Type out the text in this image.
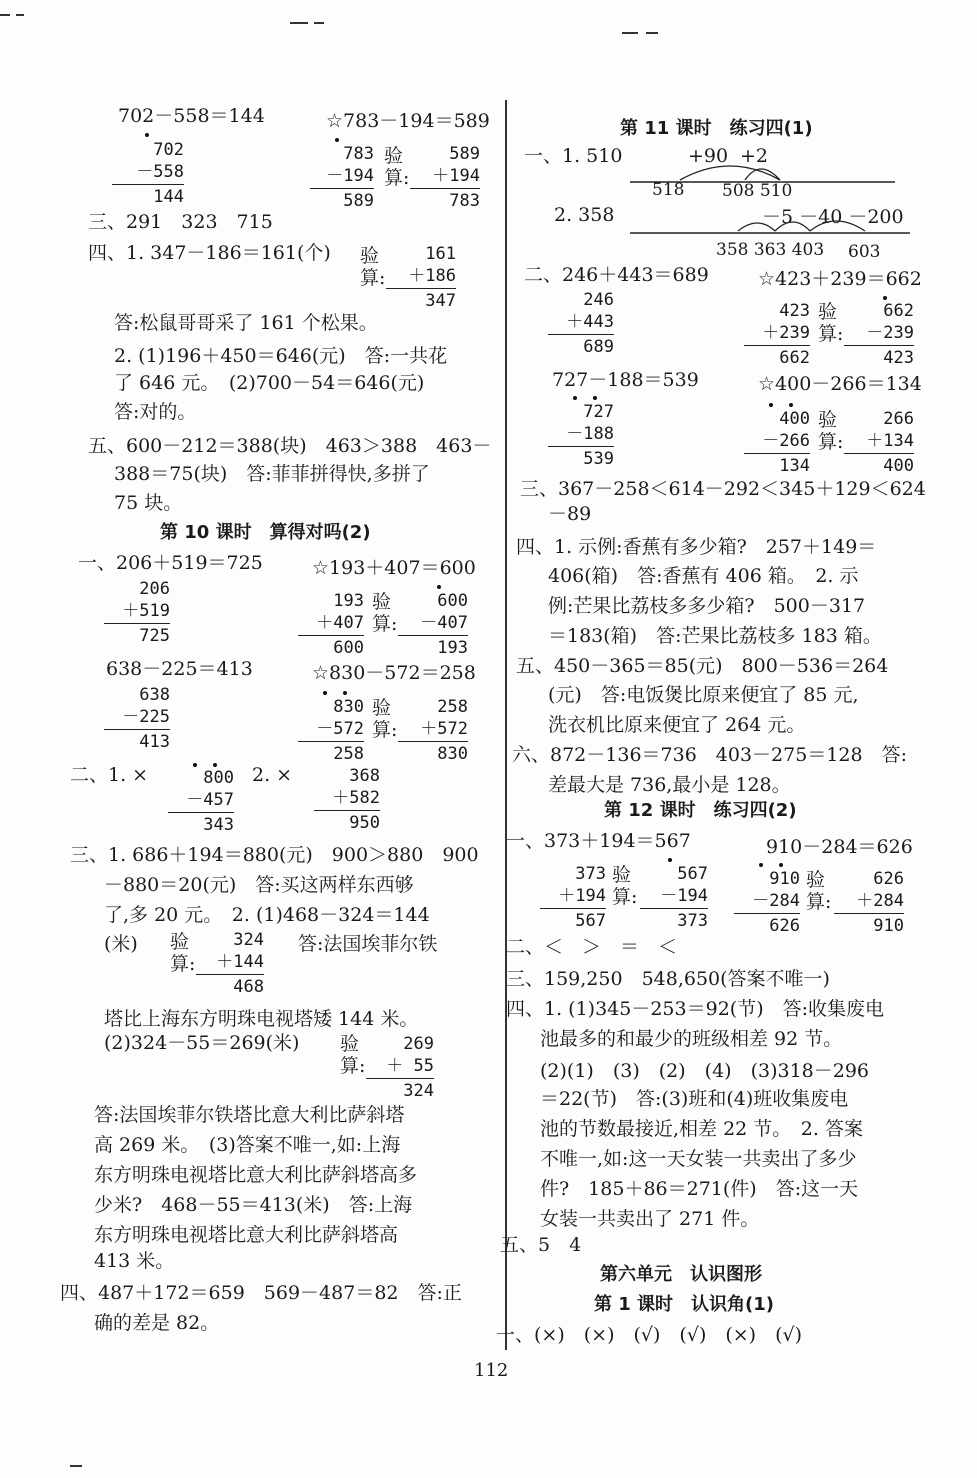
702－558＝144
702
－558
144
☆783－194＝589
783
－194
589
验
算:
589
＋194
783
三、291　323　715
四、1. 347－186＝161(个) 验
算:
161
＋186
347
答:松鼠哥哥采了 161 个松果。
2. (1)196＋450＝646(元)　答:一共花
了 646 元。　(2)700－54＝646(元)
答:对的。
五、600－212＝388(块)　463＞388　463－
388＝75(块)　答:菲菲拼得快,多拼了
75 块。
第 10 课时　算得对吗(2)
一、206＋519＝725
206
＋519
725
☆193＋407＝600
193
＋407
600
验
算:
600
－407
193
638－225＝413
638
－225
413
☆830－572＝258
830
－572
258
验
算:
258
＋572
830
二、1. ×	800
－457
343
2. ×	368
＋582
950
三、1. 686＋194＝880(元)　900＞880　900
－880＝20(元)　答:买这两样东西够
了,多 20 元。　2. (1)468－324＝144
(米) 验
算:
324
＋144
468
答:法国埃菲尔铁
塔比上海东方明珠电视塔矮 144 米。
(2)324－55＝269(米) 验
算:
269
＋ 55
324
答:法国埃菲尔铁塔比意大利比萨斜塔
高 269 米。　(3)答案不唯一,如:上海
东方明珠电视塔比意大利比萨斜塔高多
少米?　468－55＝413(米)　答:上海
东方明珠电视塔比意大利比萨斜塔高
413 米。
四、487＋172＝659　569－487＝82　答:正
确的差是 82。
第 11 课时　练习四(1)
一、1. 510	+90 +2
518 508 510
2. 358	－5 －40 －200
358 363 403 603
二、246＋443＝689
246
＋443
689
☆423＋239＝662
423
＋239
662
验
算:
662
－239
423
727－188＝539
727
－188
539
☆400－266＝134
400
－266
134
验
算:
266
＋134
400
三、367－258＜614－292＜345＋129＜624
－89
四、1. 示例:香蕉有多少箱?　257＋149＝
406(箱)　答:香蕉有 406 箱。　2. 示
例:芒果比荔枝多多少箱?　500－317
＝183(箱)　答:芒果比荔枝多 183 箱。
五、450－365＝85(元)　800－536＝264
(元)　答:电饭煲比原来便宜了 85 元,
洗衣机比原来便宜了 264 元。
六、872－136＝736　403－275＝128　答:
差最大是 736,最小是 128。
第 12 课时　练习四(2)
一、373＋194＝567	910－284＝626
373
＋194
567
验
算:
567
－194
373
910
－284
626
验
算:
626
＋284
910
二、＜　＞　＝　＜
三、159,250　548,650(答案不唯一)
四、1. (1)345－253＝92(节)　答:收集废电
池最多的和最少的班级相差 92 节。
(2)(1)　(3)　(2)　(4)　(3)318－296
＝22(节)　答:(3)班和(4)班收集废电
池的节数最接近,相差 22 节。　2. 答案
不唯一,如:这一天女装一共卖出了多少
件?　185＋86＝271(件)　答:这一天
女装一共卖出了 271 件。
五、5　4
第六单元　认识图形
第 1 课时　认识角(1)
一、(×)　(×)　(√)　(√)　(×)　(√)
112
